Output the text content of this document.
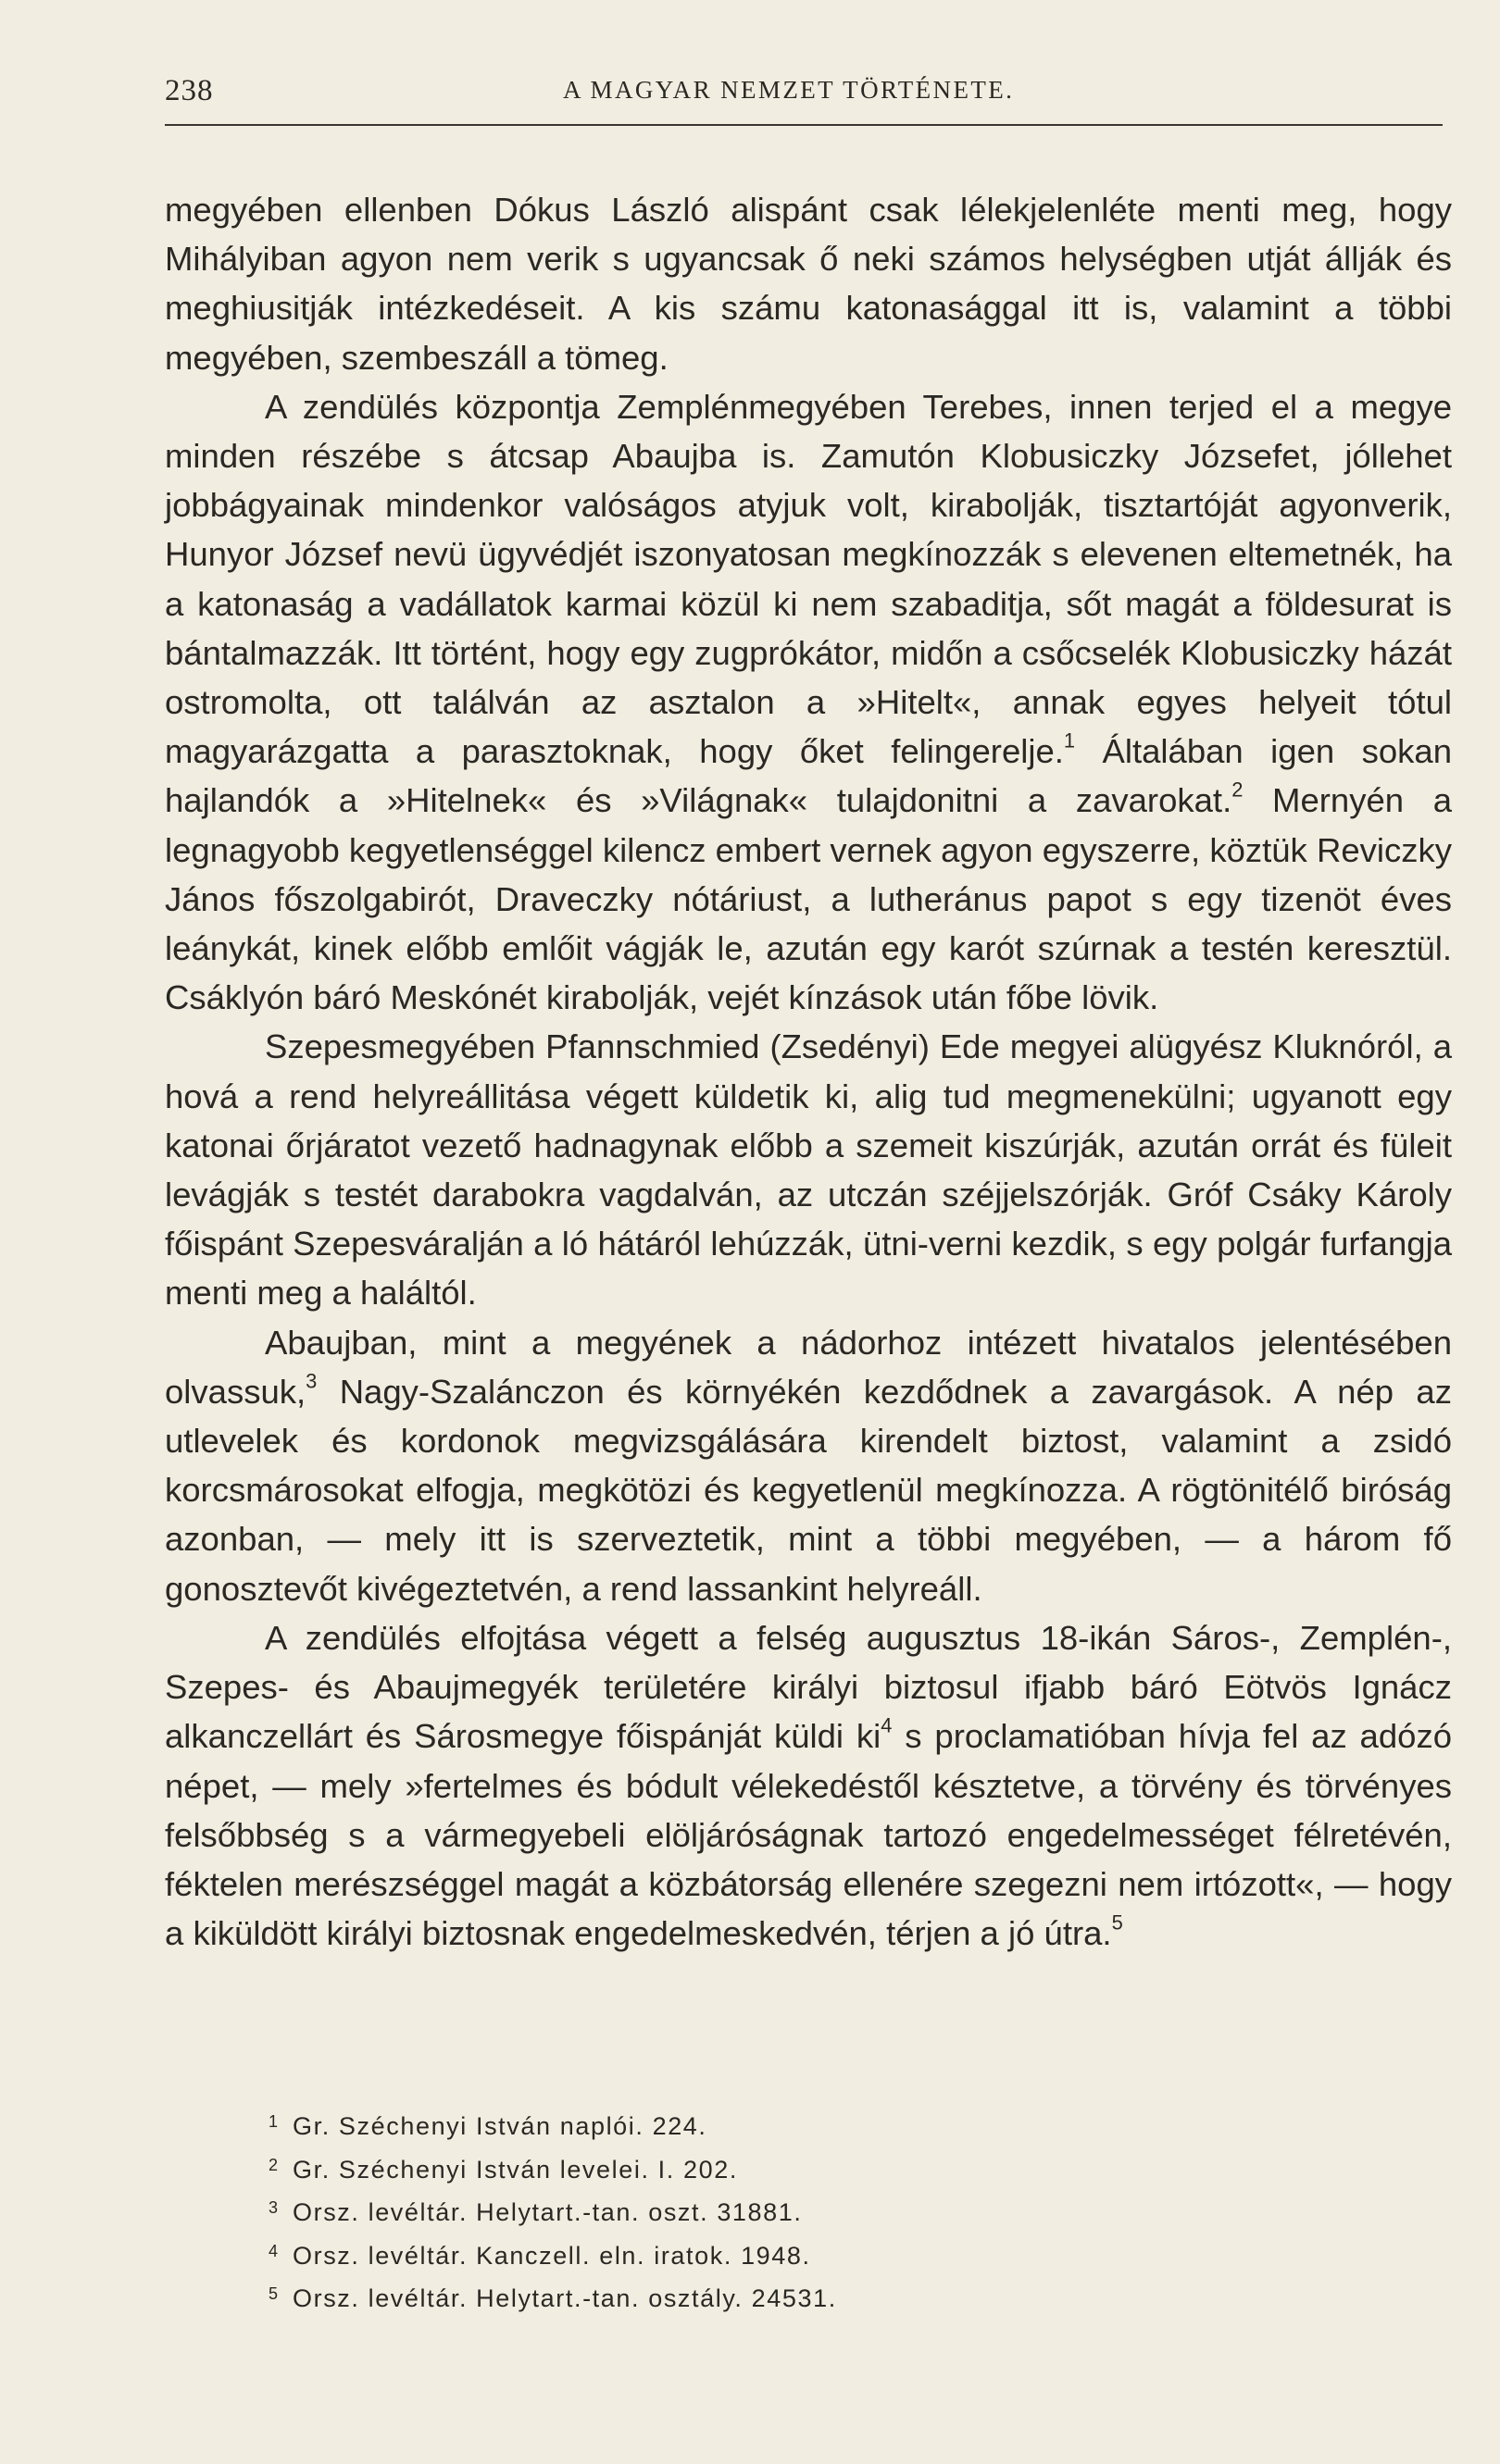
238	A MAGYAR NEMZET TÖRTÉNETE.

megyében ellenben Dókus László alispánt csak lélekjelenléte menti meg, hogy Mihályiban agyon nem verik s ugyancsak ő neki számos helységben utját állják és meghiusitják intézkedéseit. A kis számu katonasággal itt is, valamint a többi megyében, szembeszáll a tömeg.

A zendülés központja Zemplénmegyében Terebes, innen terjed el a megye minden részébe s átcsap Abaujba is. Zamutón Klobusiczky Józsefet, jóllehet jobbágyainak mindenkor valóságos atyjuk volt, kirabolják, tisztartóját agyonverik, Hunyor József nevü ügyvédjét iszonyatosan megkínozzák s elevenen eltemetnék, ha a katonaság a vadállatok karmai közül ki nem szabaditja, sőt magát a földesurat is bántalmazzák. Itt történt, hogy egy zugprókátor, midőn a csőcselék Klobusiczky házát ostromolta, ott találván az asztalon a »Hitelt«, annak egyes helyeit tótul magyarázgatta a parasztoknak, hogy őket felingerelje.$^1$ Általában igen sokan hajlandók a »Hitelnek« és »Világnak« tulajdonitni a zavarokat.$^2$ Mernyén a legnagyobb kegyetlenséggel kilencz embert vernek agyon egyszerre, köztük Reviczky János főszolgabirót, Draveczky nótáriust, a lutheránus papot s egy tizenöt éves leánykát, kinek előbb emlőit vágják le, azután egy karót szúrnak a testén keresztül. Csáklyón báró Meskónét kirabolják, vejét kínzások után főbe lövik.

Szepesmegyében Pfannschmied (Zsedényi) Ede megyei alügyész Kluknóról, a hová a rend helyreállitása végett küldetik ki, alig tud megmenekülni; ugyanott egy katonai őrjáratot vezető hadnagynak előbb a szemeit kiszúrják, azután orrát és füleit levágják s testét darabokra vagdalván, az utczán széjjelszórják. Gróf Csáky Károly főispánt Szepesváralján a ló hátáról lehúzzák, ütni-verni kezdik, s egy polgár furfangja menti meg a haláltól.

Abaujban, mint a megyének a nádorhoz intézett hivatalos jelentésében olvassuk,$^3$ Nagy-Szalánczon és környékén kezdődnek a zavargások. A nép az utlevelek és kordonok megvizsgálására kirendelt biztost, valamint a zsidó korcsmárosokat elfogja, megkötözi és kegyetlenül megkínozza. A rögtönitélő biróság azonban, — mely itt is szerveztetik, mint a többi megyében, — a három fő gonosztevőt kivégeztetvén, a rend lassankint helyreáll.

A zendülés elfojtása végett a felség augusztus 18-ikán Sáros-, Zemplén-, Szepes- és Abaujmegyék területére királyi biztosul ifjabb báró Eötvös Ignácz alkanczellárt és Sárosmegye főispánját küldi $ki^4$ s proclamatióban hívja fel az adózó népet, — mely »fertelmes és bódult vélekedéstől késztetve, a törvény és törvényes felsőbbség s a vármegyebeli elöljáróságnak tartozó engedelmességet félretévén, féktelen merészséggel magát a közbátorság ellenére szegezni nem irtózott«, — hogy a kiküldött királyi biztosnak engedelmeskedvén, térjen a jó útra.$^5$

1 Gr. Széchenyi István naplói. 224.
2 Gr. Széchenyi István levelei. I. 202.
3 Orsz. levéltár. Helytart.-tan. oszt. 31881.
4 Orsz. levéltár. Kanczell. eln. iratok. 1948.
5 Orsz. levéltár. Helytart.-tan. osztály. 24531.
